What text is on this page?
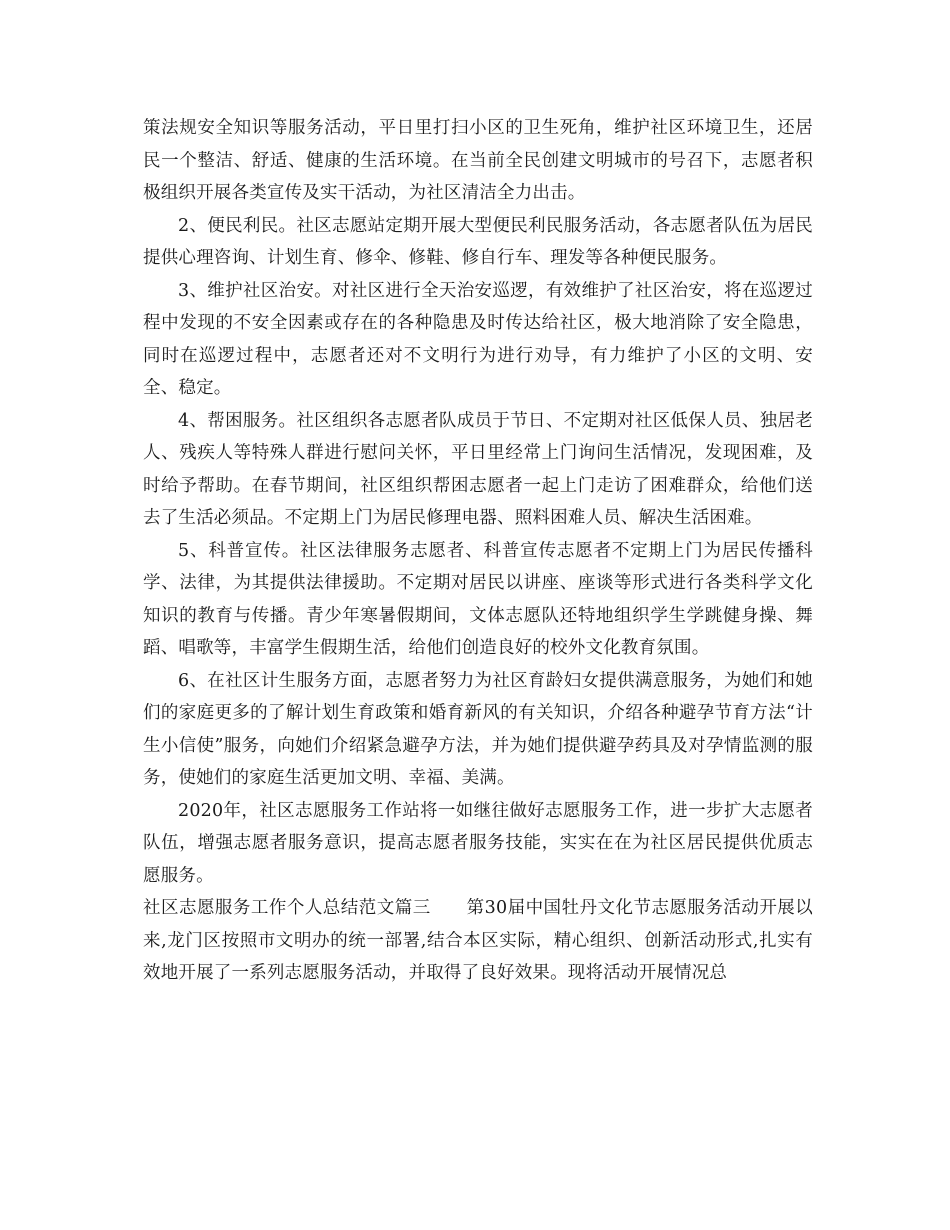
策法规安全知识等服务活动，平日里打扫小区的卫生死角，维护社区环境卫生，还居民一个整洁、舒适、健康的生活环境。在当前全民创建文明城市的号召下，志愿者积极组织开展各类宣传及实干活动，为社区清洁全力出击。

2、便民利民。社区志愿站定期开展大型便民利民服务活动，各志愿者队伍为居民提供心理咨询、计划生育、修伞、修鞋、修自行车、理发等各种便民服务。

3、维护社区治安。对社区进行全天治安巡逻，有效维护了社区治安，将在巡逻过程中发现的不安全因素或存在的各种隐患及时传达给社区，极大地消除了安全隐患，同时在巡逻过程中，志愿者还对不文明行为进行劝导，有力维护了小区的文明、安全、稳定。

4、帮困服务。社区组织各志愿者队成员于节日、不定期对社区低保人员、独居老人、残疾人等特殊人群进行慰问关怀，平日里经常上门询问生活情况，发现困难，及时给予帮助。在春节期间，社区组织帮困志愿者一起上门走访了困难群众，给他们送去了生活必须品。不定期上门为居民修理电器、照料困难人员、解决生活困难。

5、科普宣传。社区法律服务志愿者、科普宣传志愿者不定期上门为居民传播科学、法律，为其提供法律援助。不定期对居民以讲座、座谈等形式进行各类科学文化知识的教育与传播。青少年寒暑假期间，文体志愿队还特地组织学生学跳健身操、舞蹈、唱歌等，丰富学生假期生活，给他们创造良好的校外文化教育氛围。

6、在社区计生服务方面，志愿者努力为社区育龄妇女提供满意服务，为她们和她们的家庭更多的了解计划生育政策和婚育新风的有关知识，介绍各种避孕节育方法“计生小信使”服务，向她们介绍紧急避孕方法，并为她们提供避孕药具及对孕情监测的服务，使她们的家庭生活更加文明、幸福、美满。

2020年，社区志愿服务工作站将一如继往做好志愿服务工作，进一步扩大志愿者队伍，增强志愿者服务意识，提高志愿者服务技能，实实在在为社区居民提供优质志愿服务。

社区志愿服务工作个人总结范文篇三　　第30届中国牡丹文化节志愿服务活动开展以来,龙门区按照市文明办的统一部署,结合本区实际，精心组织、创新活动形式,扎实有效地开展了一系列志愿服务活动，并取得了良好效果。现将活动开展情况总
